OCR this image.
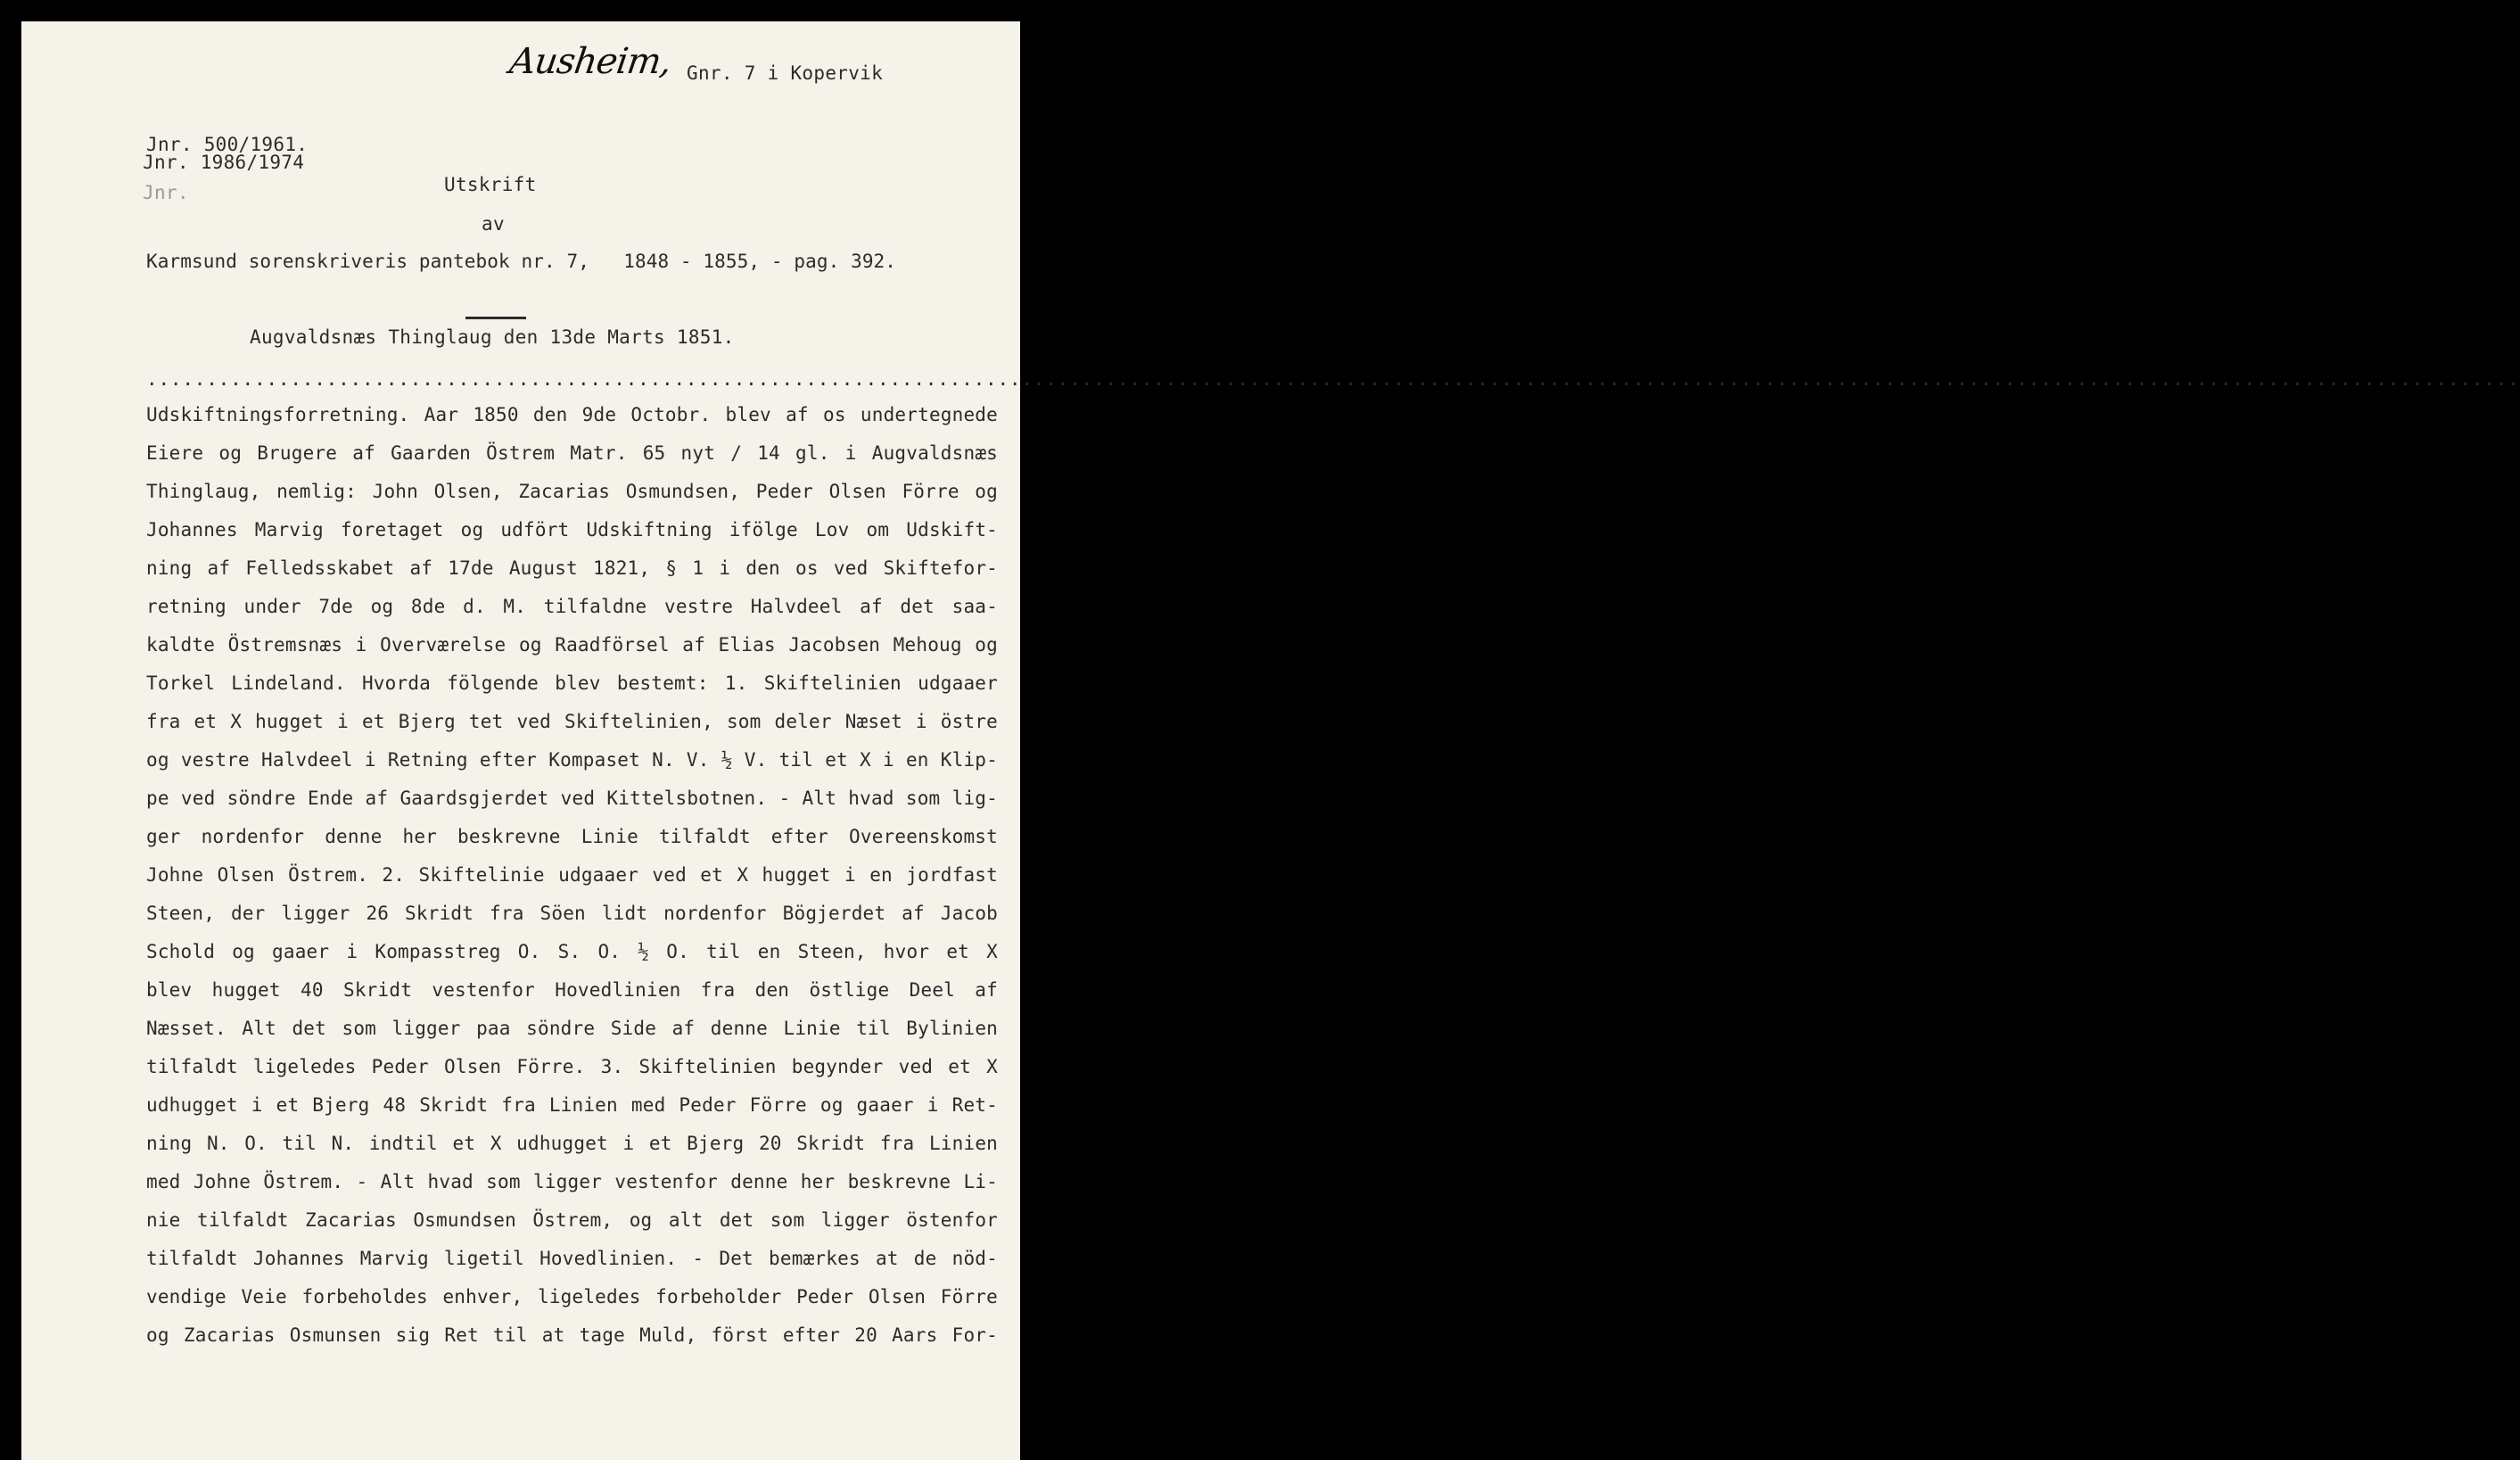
Ausheim, Gnr. 7 i Kopervik
Jnr. 500/1961.
Jnr. 1986/1974
Jnr.	Utskrift
av
Karmsund sorenskriveris pantebok nr. 7,   1848 - 1855, - pag. 392.
Augvaldsnæs Thinglaug den 13de Marts 1851.
......................................................................................................................................................................................................
Udskiftningsforretning. Aar 1850 den 9de Octobr. blev af os undertegnede
Eiere og Brugere af Gaarden Östrem Matr. 65 nyt / 14 gl. i Augvaldsnæs
Thinglaug, nemlig: John Olsen, Zacarias Osmundsen, Peder Olsen Förre og
Johannes Marvig foretaget og udfört Udskiftning ifölge Lov om Udskift-
ning af Felledsskabet af 17de August 1821, § 1 i den os ved Skiftefor-
retning under 7de og 8de d. M. tilfaldne vestre Halvdeel af det saa-
kaldte Östremsnæs i Overværelse og Raadförsel af Elias Jacobsen Mehoug og
Torkel Lindeland. Hvorda fölgende blev bestemt: 1. Skiftelinien udgaaer
fra et X hugget i et Bjerg tet ved Skiftelinien, som deler Næset i östre
og vestre Halvdeel i Retning efter Kompaset N. V. ½ V. til et X i en Klip-
pe ved söndre Ende af Gaardsgjerdet ved Kittelsbotnen. - Alt hvad som lig-
ger nordenfor denne her beskrevne Linie tilfaldt efter Overeenskomst
Johne Olsen Östrem. 2. Skiftelinie udgaaer ved et X hugget i en jordfast
Steen, der ligger 26 Skridt fra Söen lidt nordenfor Bögjerdet af Jacob
Schold og gaaer i Kompasstreg O. S. O. ½ O. til en Steen, hvor et X
blev hugget 40 Skridt vestenfor Hovedlinien fra den östlige Deel af
Næsset. Alt det som ligger paa söndre Side af denne Linie til Bylinien
tilfaldt ligeledes Peder Olsen Förre. 3. Skiftelinien begynder ved et X
udhugget i et Bjerg 48 Skridt fra Linien med Peder Förre og gaaer i Ret-
ning N. O. til N. indtil et X udhugget i et Bjerg 20 Skridt fra Linien
med Johne Östrem. - Alt hvad som ligger vestenfor denne her beskrevne Li-
nie tilfaldt Zacarias Osmundsen Östrem, og alt det som ligger östenfor
tilfaldt Johannes Marvig ligetil Hovedlinien. - Det bemærkes at de nöd-
vendige Veie forbeholdes enhver, ligeledes forbeholder Peder Olsen Förre
og Zacarias Osmunsen sig Ret til at tage Muld, först efter 20 Aars For-
